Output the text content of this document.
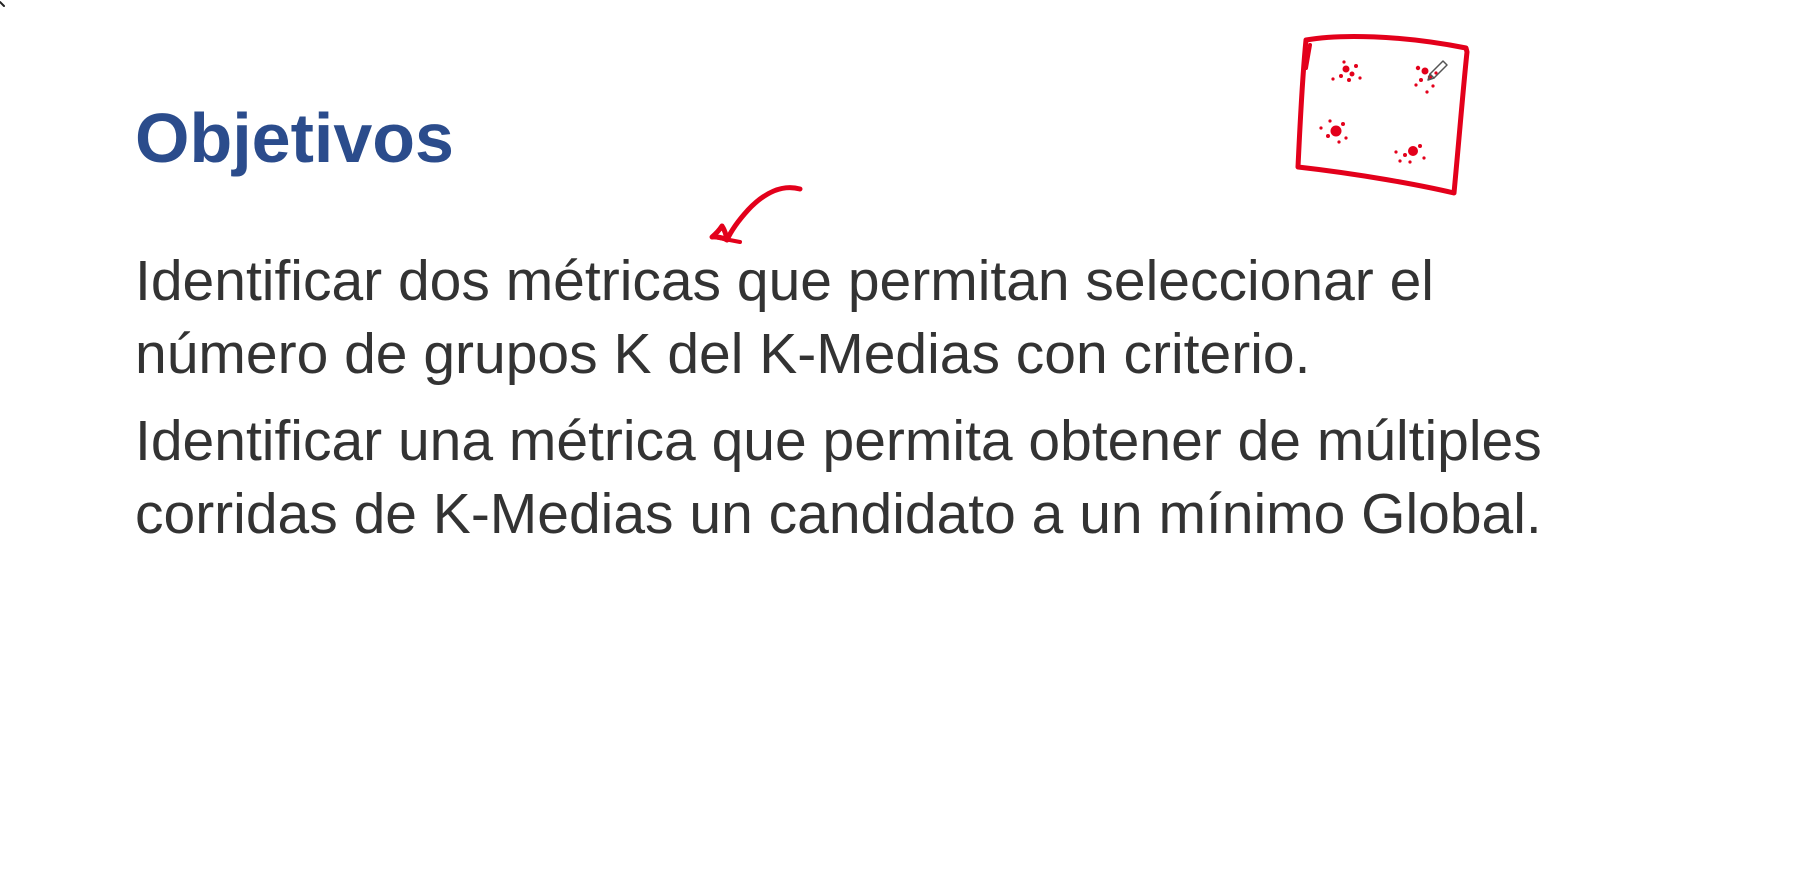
Objetivos
Identificar dos métricas que permitan seleccionar el número de grupos K del K-Medias con criterio.
Identificar una métrica que permita obtener de múltiples corridas de K-Medias un candidato a un mínimo Global.
